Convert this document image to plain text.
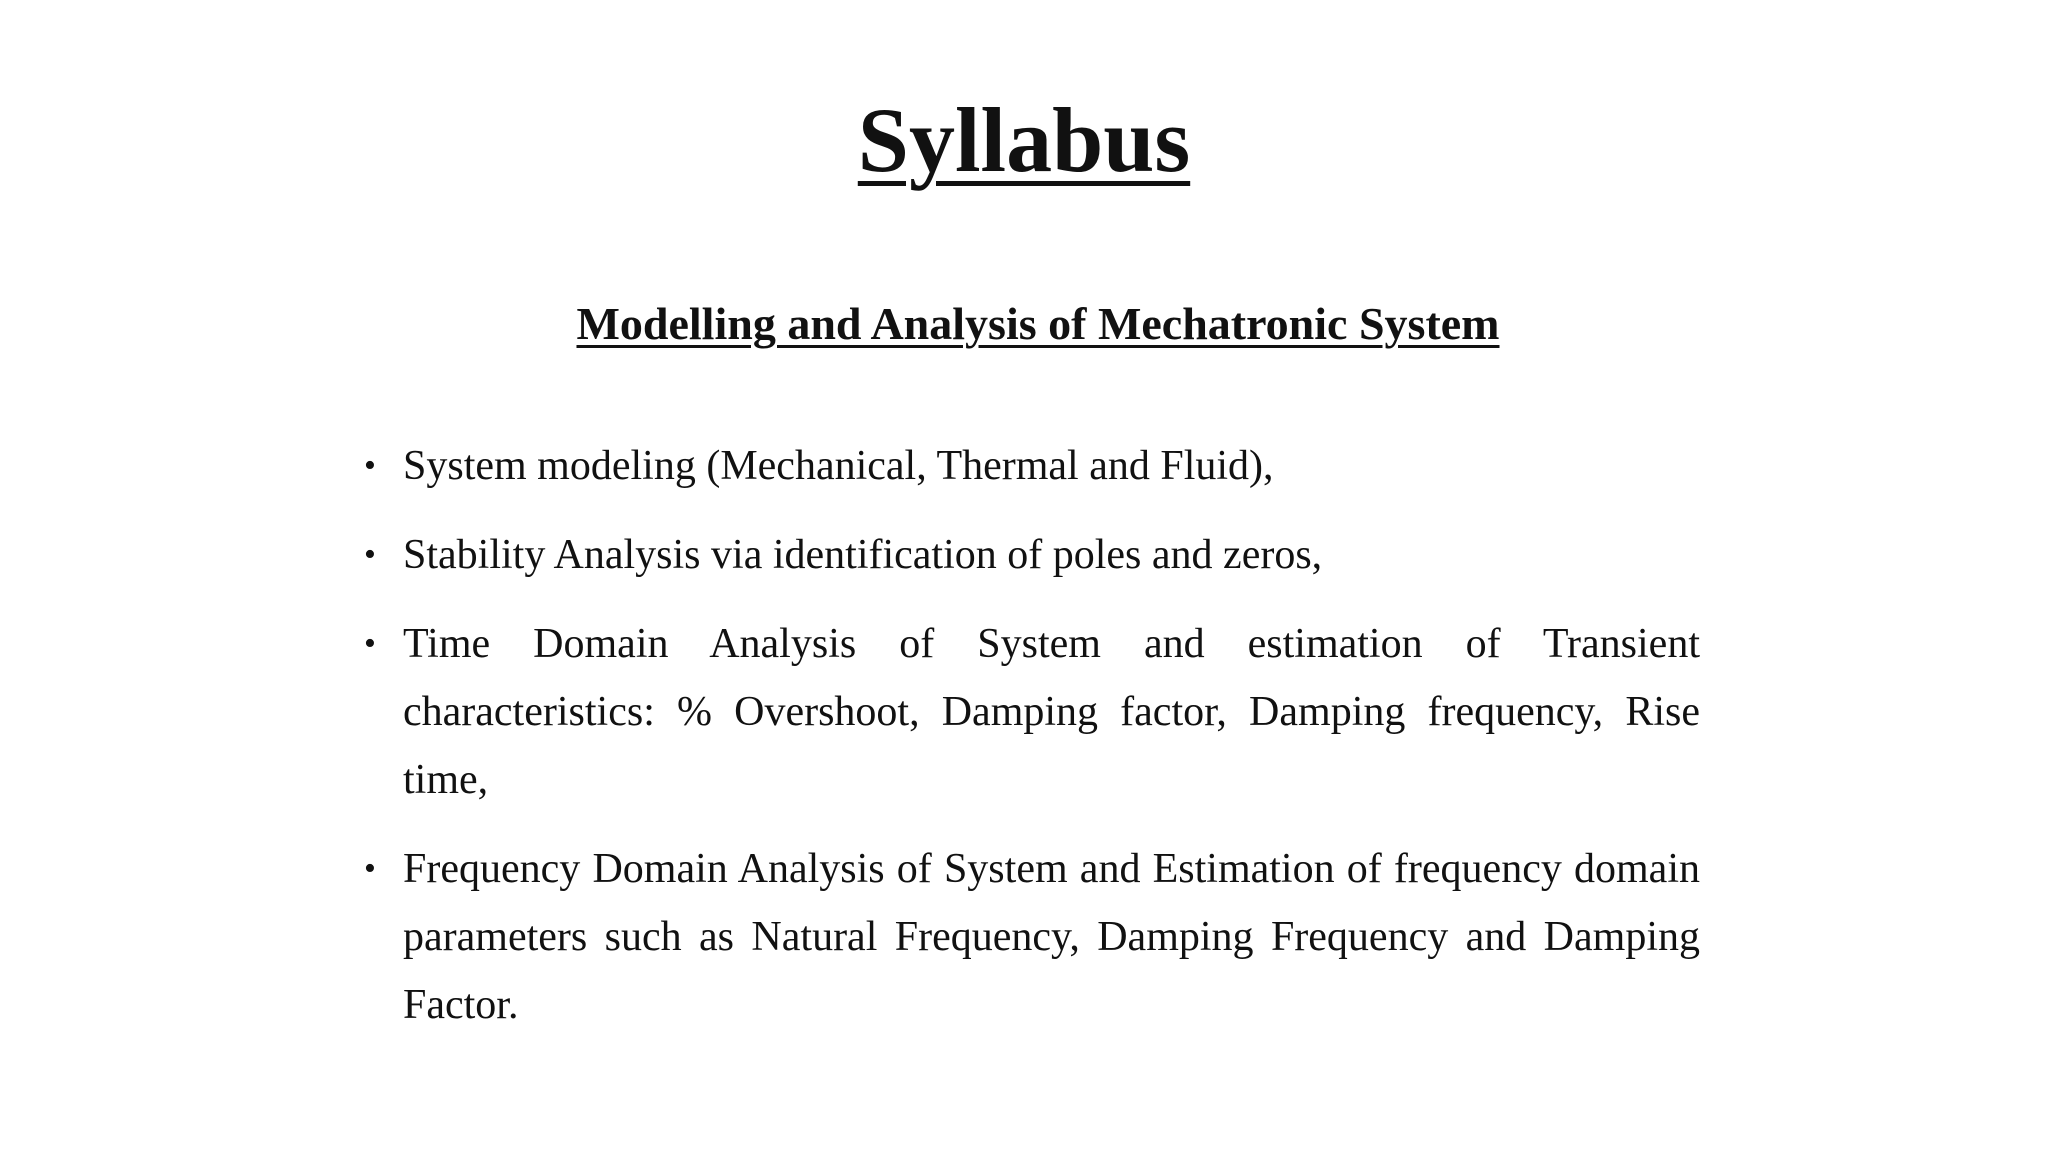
Syllabus
Modelling and Analysis of Mechatronic System
• System modeling (Mechanical, Thermal and Fluid),
• Stability Analysis via identification of poles and zeros,
• Time Domain Analysis of System and estimation of Transient characteristics: % Overshoot, Damping factor, Damping frequency, Rise time,
• Frequency Domain Analysis of System and Estimation of frequency domain parameters such as Natural Frequency, Damping Frequency and Damping Factor.
